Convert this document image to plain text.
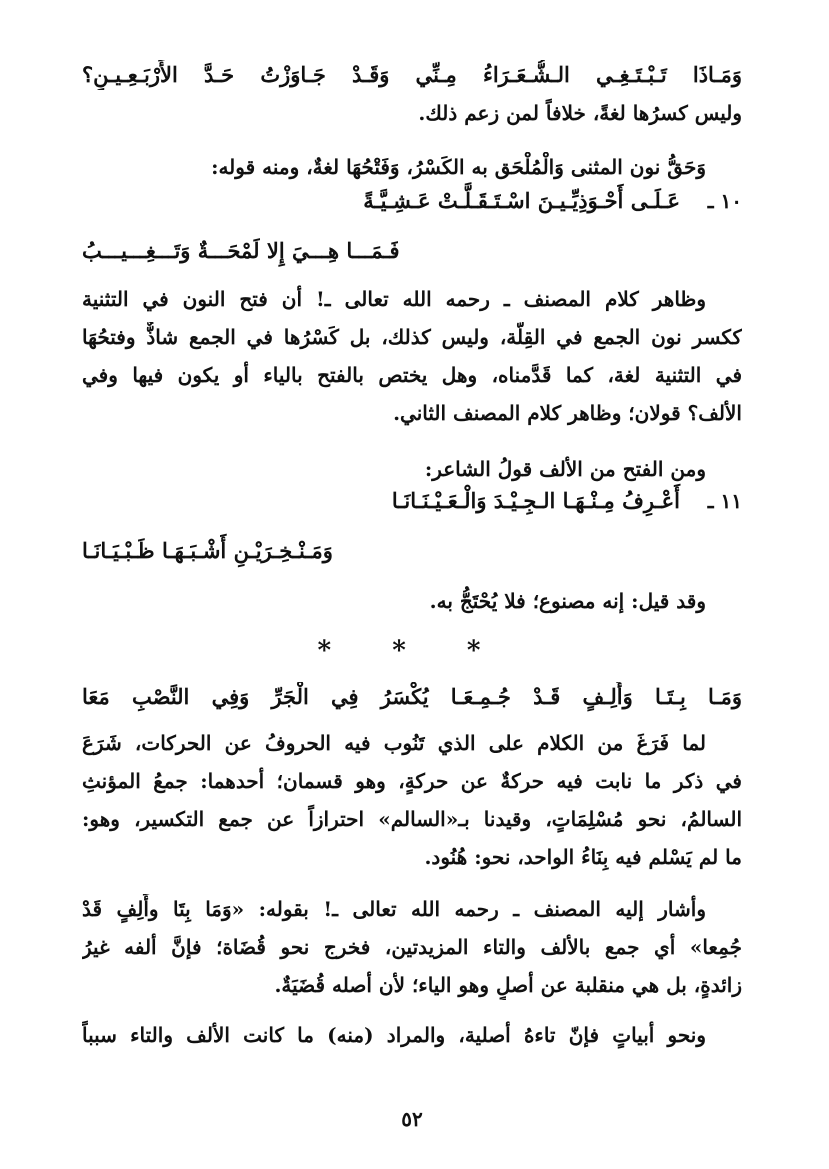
وَمَـاذَا تَـبْـتَـغِـي الـشُّـعَـرَاءُ مِـنِّي وَقَـدْ جَـاوَزْتُ حَـدَّ الأَرْبَـعِـيـنِ؟
وليس كسرُها لغةً، خلافاً لمن زعم ذلك.
وَحَقُّ نون المثنى وَالْمُلْحَق به الكَسْرُ، وَفَتْحُهَا لغةٌ، ومنه قوله:
١٠ ـ
عَـلَـى أَحْـوَذِيِّـيـنَ اسْـتَـقَـلَّـتْ عَـشِـيَّـةً
فَـمَـــا هِـــيَ إِلا لَمْحَـــةٌ وَتَـــغِـــيـــبُ
وظاهر كلام المصنف ـ رحمه الله تعالى ـ! أن فتح النون في التثنية
ككسر نون الجمع في القِلَّة، وليس كذلك، بل كَسْرُها في الجمع شاذٌّ وفتحُهَا
في التثنية لغة، كما قَدَّمناه، وهل يختص بالفتح بالياء أو يكون فيها وفي
الألف؟ قولان؛ وظاهر كلام المصنف الثاني.
ومن الفتح من الألف قولُ الشاعر:
١١ ـ
أَعْـرِفُ مِـنْـهَـا الـجِـيْـدَ وَالْـعَـيْـنَـانَـا
وَمَـنْـخِـرَيْـنِ أَشْـبَـهَـا ظَـبْـيَـانَـا
وقد قيل: إنه مصنوع؛ فلا يُحْتَجُّ به.
* * *
وَمَـا بِـتَـا وَأَلِـفٍ قَـدْ جُـمِـعَـا يُكْسَرُ فِي الْجَرِّ وَفِي النَّصْبِ مَعَا
لما فَرَغَ من الكلام على الذي تَنُوب فيه الحروفُ عن الحركات، شَرَعَ
في ذكر ما نابت فيه حركةٌ عن حركةٍ، وهو قسمان؛ أحدهما: جمعُ المؤنثِ
السالمُ، نحو مُسْلِمَاتٍ، وقيدنا بـ«السالم» احترازاً عن جمع التكسير، وهو:
ما لم يَسْلم فيه بِنَاءُ الواحد، نحو: هُنُود.
وأشار إليه المصنف ـ رحمه الله تعالى ـ! بقوله: «وَمَا بِتَا وأَلِفٍ قَدْ
جُمِعا» أي جمع بالألف والتاء المزيدتين، فخرج نحو قُضَاة؛ فإنَّ ألفه غيرُ
زائدةٍ، بل هي منقلبة عن أصلٍ وهو الياء؛ لأن أصله قُضَيَةٌ.
ونحو أبياتٍ فإنّ تاءهُ أصلية، والمراد (منه) ما كانت الألف والتاء سبباً
٥٢
